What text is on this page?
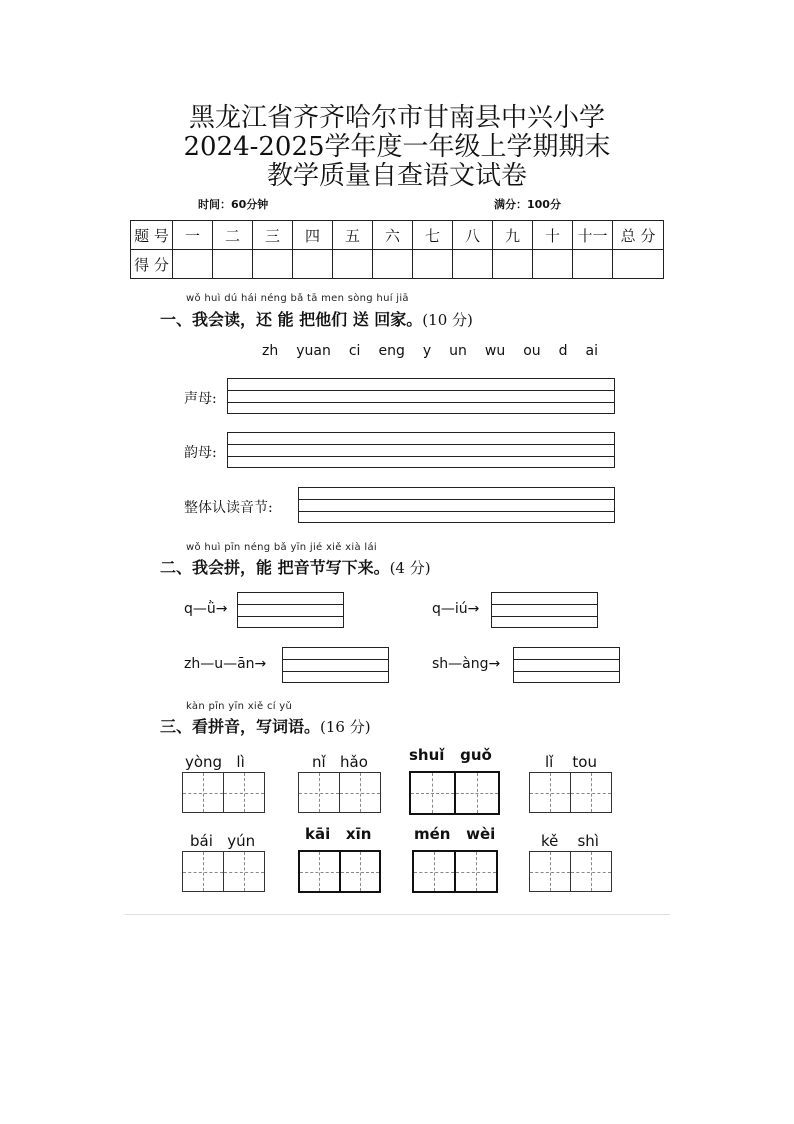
黑龙江省齐齐哈尔市甘南县中兴小学
2024-2025学年度一年级上学期期末
教学质量自查语文试卷
时间：60分钟	满分：100分
题 号	一	二	三	四	五	六	七	八	九	十	十一	总 分
得 分												
wǒ huì dú hái néng bǎ tā men sòng huí jiā
一、我会读，还 能 把他们 送 回家。(10 分)
zh yuan ci eng y un wu ou d ai
声母:
韵母:
整体认读音节:
wǒ huì pīn néng bǎ yīn jié xiě xià lái
二、我会拼，能 把音节写下来。(4 分)
q—ǜ→	q—iú→
zh—u—ān→	sh—àng→
kàn pīn yīn xiě cí yǔ
三、看拼音，写词语。(16 分)
yòng lì	nǐ hǎo	shuǐ guǒ	lǐ tou
bái yún	kāi xīn	mén wèi	kě shì
